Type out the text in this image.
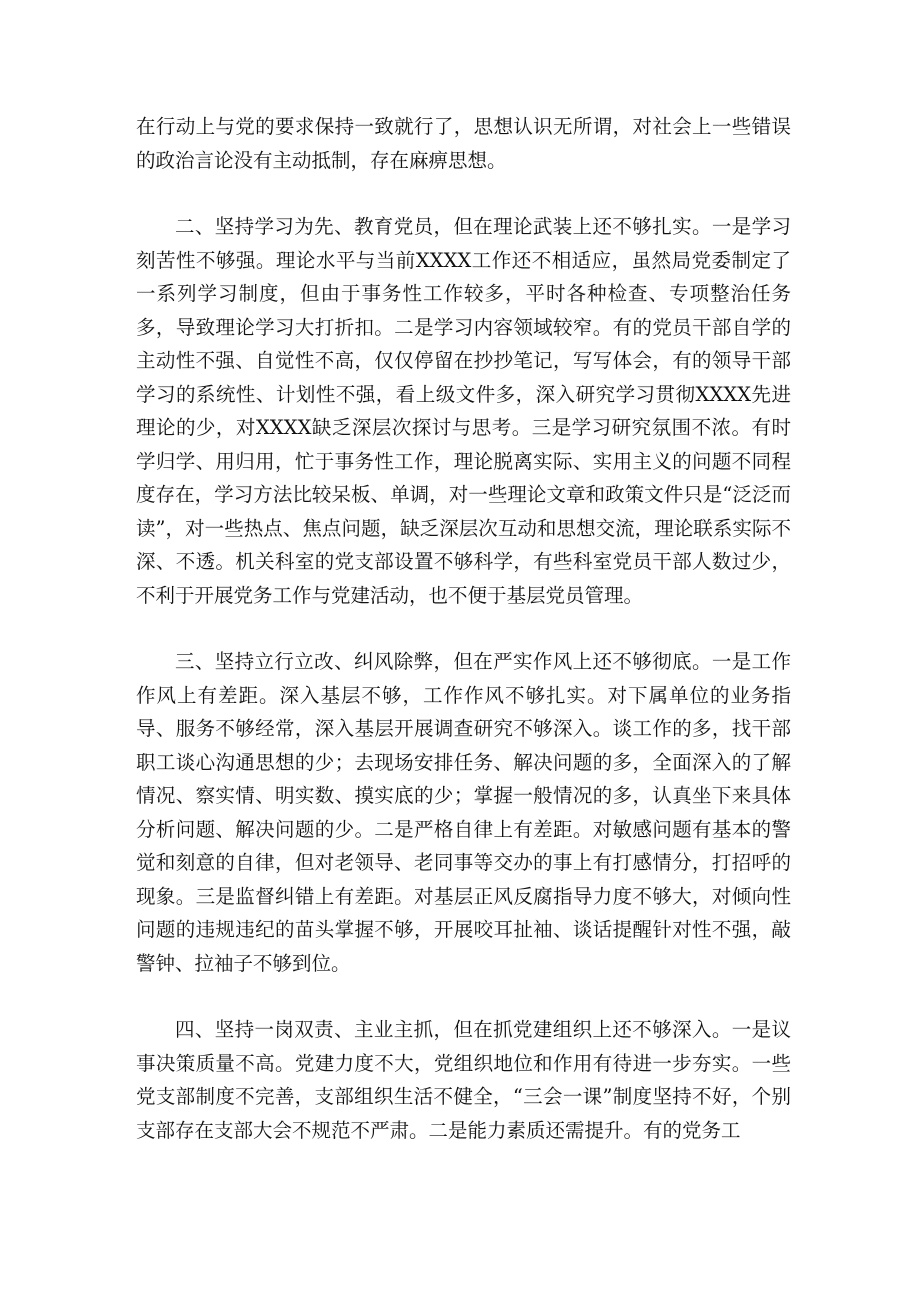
在行动上与党的要求保持一致就行了，思想认识无所谓，对社会上一些错误的政治言论没有主动抵制，存在麻痹思想。

二、坚持学习为先、教育党员，但在理论武装上还不够扎实。一是学习刻苦性不够强。理论水平与当前XXXX工作还不相适应，虽然局党委制定了一系列学习制度，但由于事务性工作较多，平时各种检查、专项整治任务多，导致理论学习大打折扣。二是学习内容领域较窄。有的党员干部自学的主动性不强、自觉性不高，仅仅停留在抄抄笔记，写写体会，有的领导干部学习的系统性、计划性不强，看上级文件多，深入研究学习贯彻XXXX先进理论的少，对XXXX缺乏深层次探讨与思考。三是学习研究氛围不浓。有时学归学、用归用，忙于事务性工作，理论脱离实际、实用主义的问题不同程度存在，学习方法比较呆板、单调，对一些理论文章和政策文件只是“泛泛而读”，对一些热点、焦点问题，缺乏深层次互动和思想交流，理论联系实际不深、不透。机关科室的党支部设置不够科学，有些科室党员干部人数过少，不利于开展党务工作与党建活动，也不便于基层党员管理。

三、坚持立行立改、纠风除弊，但在严实作风上还不够彻底。一是工作作风上有差距。深入基层不够，工作作风不够扎实。对下属单位的业务指导、服务不够经常，深入基层开展调查研究不够深入。谈工作的多，找干部职工谈心沟通思想的少；去现场安排任务、解决问题的多，全面深入的了解情况、察实情、明实数、摸实底的少；掌握一般情况的多，认真坐下来具体分析问题、解决问题的少。二是严格自律上有差距。对敏感问题有基本的警觉和刻意的自律，但对老领导、老同事等交办的事上有打感情分，打招呼的现象。三是监督纠错上有差距。对基层正风反腐指导力度不够大，对倾向性问题的违规违纪的苗头掌握不够，开展咬耳扯袖、谈话提醒针对性不强，敲警钟、拉袖子不够到位。

四、坚持一岗双责、主业主抓，但在抓党建组织上还不够深入。一是议事决策质量不高。党建力度不大，党组织地位和作用有待进一步夯实。一些党支部制度不完善，支部组织生活不健全，“三会一课”制度坚持不好，个别支部存在支部大会不规范不严肃。二是能力素质还需提升。有的党务工
